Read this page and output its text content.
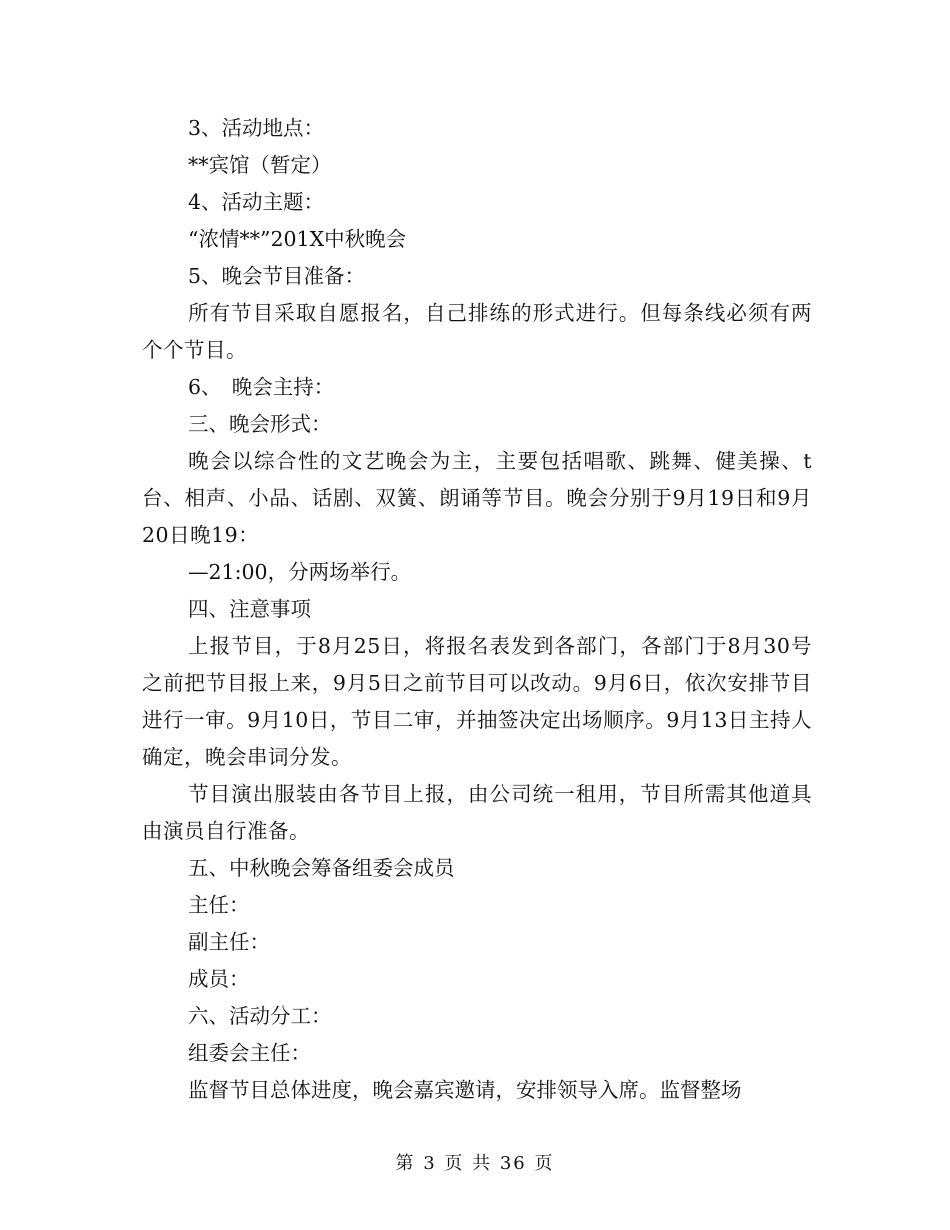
3、活动地点：
**宾馆（暂定）
4、活动主题：
“浓情**”201X中秋晚会
5、晚会节目准备：
所有节目采取自愿报名，自己排练的形式进行。但每条线必须有两个个节目。
6、　晚会主持：
三、晚会形式：
晚会以综合性的文艺晚会为主，主要包括唱歌、跳舞、健美操、t台、相声、小品、话剧、双簧、朗诵等节目。晚会分别于9月19日和9月20日晚19：
—21:00，分两场举行。
四、注意事项
上报节目，于8月25日，将报名表发到各部门，各部门于8月30号之前把节目报上来，9月5日之前节目可以改动。9月6日，依次安排节目进行一审。9月10日，节目二审，并抽签决定出场顺序。9月13日主持人确定，晚会串词分发。
节目演出服装由各节目上报，由公司统一租用，节目所需其他道具由演员自行准备。
五、中秋晚会筹备组委会成员
主任：
副主任：
成员：
六、活动分工：
组委会主任：
监督节目总体进度，晚会嘉宾邀请，安排领导入席。监督整场
第 3 页 共 36 页
